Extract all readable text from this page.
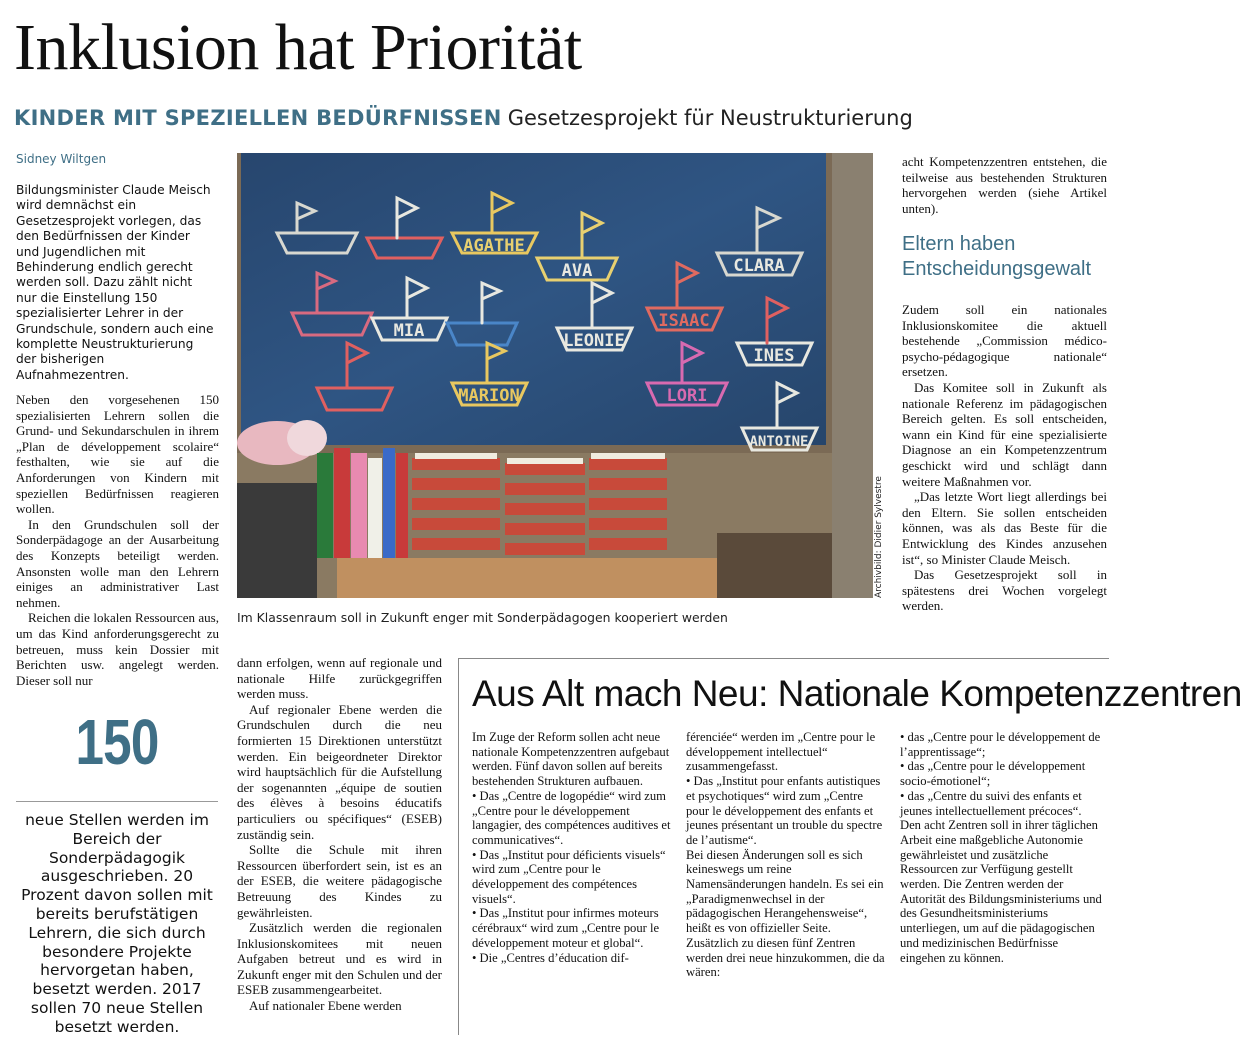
Inklusion hat Priorität
KINDER MIT SPEZIELLEN BEDÜRFNISSEN Gesetzesprojekt für Neustrukturierung
Sidney Wiltgen

Bildungsminister Claude Meisch wird demnächst ein Gesetzesprojekt vorlegen, das den Bedürfnissen der Kinder und Jugendlichen mit Behinderung endlich gerecht werden soll. Dazu zählt nicht nur die Einstellung 150 spezialisierter Lehrer in der Grundschule, sondern auch eine komplette Neustrukturierung der bisherigen Aufnahmezentren.

Neben den vorgesehenen 150 spezialisierten Lehrern sollen die Grund- und Sekundarschulen in ihrem „Plan de développement scolaire“ festhalten, wie sie auf die Anforderungen von Kindern mit speziellen Bedürfnissen reagieren wollen.

In den Grundschulen soll der Sonderpädagoge an der Ausarbeitung des Konzepts beteiligt werden. Ansonsten wolle man den Lehrern einiges an administrativer Last nehmen.

Reichen die lokalen Ressourcen aus, um das Kind anforderungsgerecht zu betreuen, muss kein Dossier mit Berichten usw. angelegt werden. Dieser soll nur

150
neue Stellen werden im Bereich der Sonderpädagogik ausgeschrieben. 20 Prozent davon sollen mit bereits berufstätigen Lehrern, die sich durch besondere Projekte hervorgetan haben, besetzt werden. 2017 sollen 70 neue Stellen besetzt werden.
AGATHE
AVA	CLARA
MIA	ISAAC
LEONIE
INES
MARION	LORI
ANTOINE
Archivbild: Didier Sylvestre
Im Klassenraum soll in Zukunft enger mit Sonderpädagogen kooperiert werden

dann erfolgen, wenn auf regionale und nationale Hilfe zurückgegriffen werden muss.

Auf regionaler Ebene werden die Grundschulen durch die neu formierten 15 Direktionen unterstützt werden. Ein beigeordneter Direktor wird hauptsächlich für die Aufstellung der sogenannten „équipe de soutien des élèves à besoins éducatifs particuliers ou spécifiques“ (ESEB) zuständig sein.

Sollte die Schule mit ihren Ressourcen überfordert sein, ist es an der ESEB, die weitere pädagogische Betreuung des Kindes zu gewährleisten.

Zusätzlich werden die regionalen Inklusionskomitees mit neuen Aufgaben betreut und es wird in Zukunft enger mit den Schulen und der ESEB zusammengearbeitet.

Auf nationaler Ebene werden

acht Kompetenzzentren entstehen, die teilweise aus bestehenden Strukturen hervorgehen werden (siehe Artikel unten).

Eltern haben
Entscheidungsgewalt

Zudem soll ein nationales Inklusionskomitee die aktuell bestehende „Commission médico-psycho-pédagogique nationale“ ersetzen.

Das Komitee soll in Zukunft als nationale Referenz im pädagogischen Bereich gelten. Es soll entscheiden, wann ein Kind für eine spezialisierte Diagnose an ein Kompetenzzentrum geschickt wird und schlägt dann weitere Maßnahmen vor.

„Das letzte Wort liegt allerdings bei den Eltern. Sie sollen entscheiden können, was als das Beste für die Entwicklung des Kindes anzusehen ist“, so Minister Claude Meisch.

Das Gesetzesprojekt soll in spätestens drei Wochen vorgelegt werden.

Aus Alt mach Neu: Nationale Kompetenzzentren

Im Zuge der Reform sollen acht neue nationale Kompetenzzentren aufgebaut werden. Fünf davon sollen auf bereits bestehenden Strukturen aufbauen.

• Das „Centre de logopédie“ wird zum „Centre pour le développement langagier, des compétences auditives et communicatives“.

• Das „Institut pour déficients visuels“ wird zum „Centre pour le développement des compétences visuels“.

• Das „Institut pour infirmes moteurs cérébraux“ wird zum „Centre pour le développement moteur et global“.

• Die „Centres d’éducation dif-

férenciée“ werden im „Centre pour le développement intellectuel“ zusammengefasst.

• Das „Institut pour enfants autistiques et psychotiques“ wird zum „Centre pour le développement des enfants et jeunes présentant un trouble du spectre de l’autisme“.

Bei diesen Änderungen soll es sich keineswegs um reine Namensänderungen handeln. Es sei ein „Paradigmenwechsel in der pädagogischen Herangehensweise“, heißt es von offizieller Seite. Zusätzlich zu diesen fünf Zentren werden drei neue hinzukommen, die da wären:

• das „Centre pour le développement de l’apprentissage“;

• das „Centre pour le développement socio-émotionel“;

• das „Centre du suivi des enfants et jeunes intellectuellement précoces“.

Den acht Zentren soll in ihrer täglichen Arbeit eine maßgebliche Autonomie gewährleistet und zusätzliche Ressourcen zur Verfügung gestellt werden. Die Zentren werden der Autorität des Bildungsministeriums und des Gesundheitsministeriums unterliegen, um auf die pädagogischen und medizinischen Bedürfnisse eingehen zu können.
